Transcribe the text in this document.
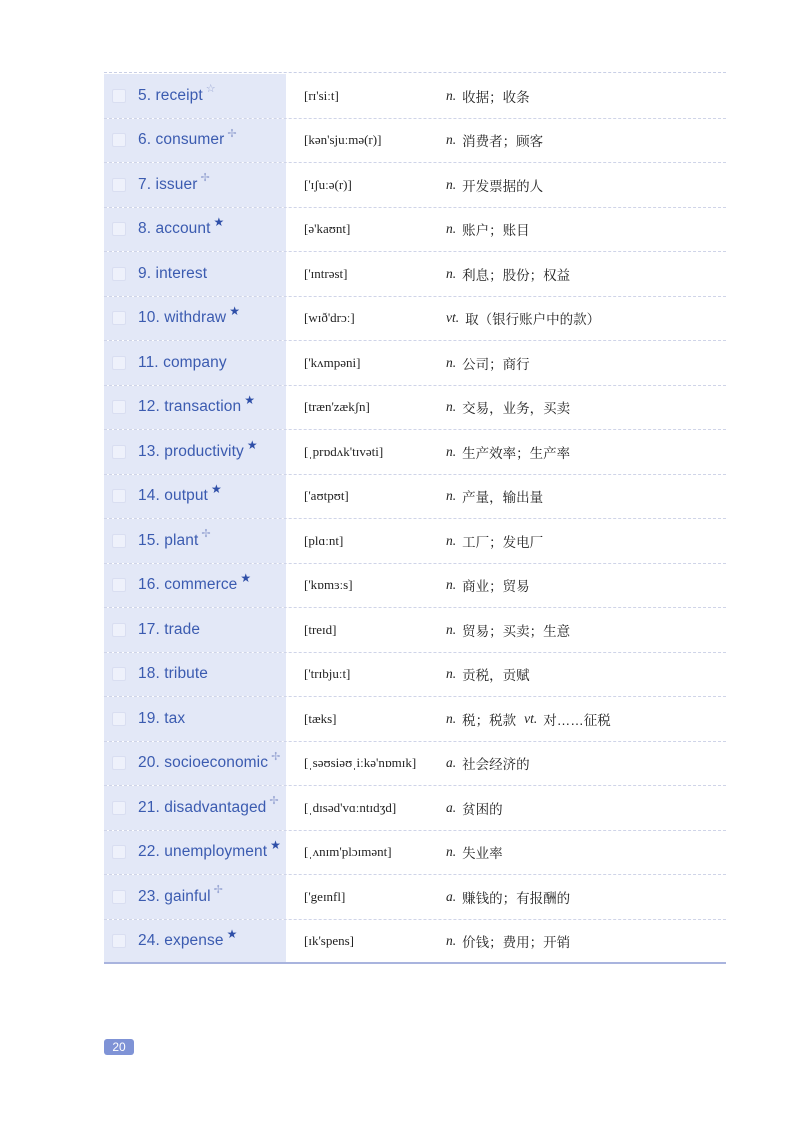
5. receipt ☆	[rɪ'siːt]	n. 收据；收条
6. consumer ✢	[kən'sjuːmə(r)]	n. 消费者；顾客
7. issuer ✢	['ɪʃuːə(r)]	n. 开发票据的人
8. account ★	[ə'kaʊnt]	n. 账户；账目
9. interest	['ɪntrəst]	n. 利息；股份；权益
10. withdraw ★	[wɪð'drɔː]	vt. 取（银行账户中的款）
11. company	['kʌmpəni]	n. 公司；商行
12. transaction ★	[træn'zækʃn]	n. 交易，业务，买卖
13. productivity ★	[ˌprɒdʌk'tɪvəti]	n. 生产效率；生产率
14. output ★	['aʊtpʊt]	n. 产量，输出量
15. plant ✢	[plɑːnt]	n. 工厂；发电厂
16. commerce ★	['kɒmɜːs]	n. 商业；贸易
17. trade	[treɪd]	n. 贸易；买卖；生意
18. tribute	['trɪbjuːt]	n. 贡税，贡赋
19. tax	[tæks]	n. 税；税款 vt. 对……征税
20. socioeconomic ✢	[ˌsəʊsiəʊˌiːkə'nɒmɪk]	a. 社会经济的
21. disadvantaged ✢	[ˌdɪsəd'vɑːntɪdʒd]	a. 贫困的
22. unemployment ★	[ˌʌnɪm'plɔɪmənt]	n. 失业率
23. gainful ✢	['geɪnfl]	a. 赚钱的；有报酬的
24. expense ★	[ɪk'spens]	n. 价钱；费用；开销
20
